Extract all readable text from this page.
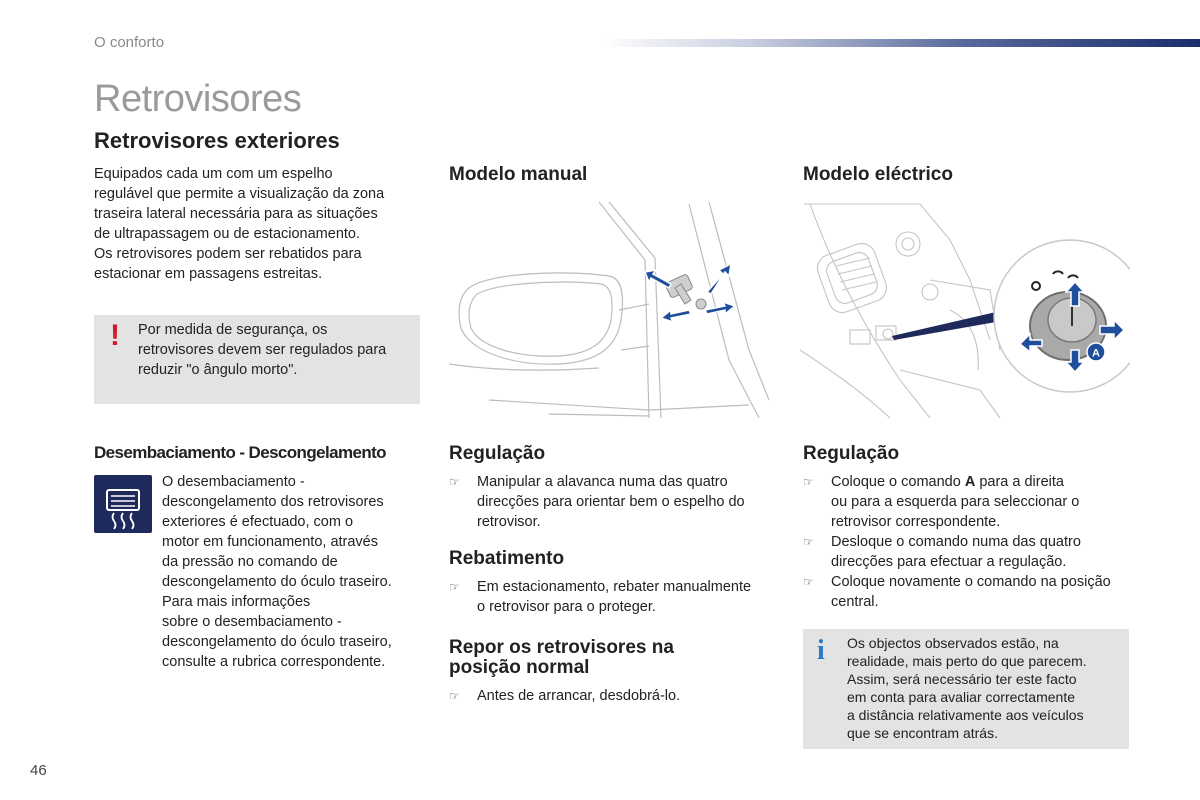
O conforto
Retrovisores
Retrovisores exteriores
Equipados cada um com um espelho
regulável que permite a visualização da zona
traseira lateral necessária para as situações
de ultrapassagem ou de estacionamento.
Os retrovisores podem ser rebatidos para
estacionar em passagens estreitas.
! Por medida de segurança, os
retrovisores devem ser regulados para
reduzir "o ângulo morto".
Desembaciamento - Descongelamento
O desembaciamento -
descongelamento dos retrovisores
exteriores é efectuado, com o
motor em funcionamento, através
da pressão no comando de
descongelamento do óculo traseiro.
Para mais informações
sobre o desembaciamento -
descongelamento do óculo traseiro,
consulte a rubrica correspondente.
Modelo manual
Regulação
☞ Manipular a alavanca numa das quatro
direcções para orientar bem o espelho do
retrovisor.
Rebatimento
☞ Em estacionamento, rebater manualmente
o retrovisor para o proteger.
Repor os retrovisores na
posição normal
☞ Antes de arrancar, desdobrá-lo.
Modelo eléctrico
A
Regulação
☞ Coloque o comando A para a direita
ou para a esquerda para seleccionar o
retrovisor correspondente.
☞ Desloque o comando numa das quatro
direcções para efectuar a regulação.
☞ Coloque novamente o comando na posição
central.
i Os objectos observados estão, na
realidade, mais perto do que parecem.
Assim, será necessário ter este facto
em conta para avaliar correctamente
a distância relativamente aos veículos
que se encontram atrás.
46
